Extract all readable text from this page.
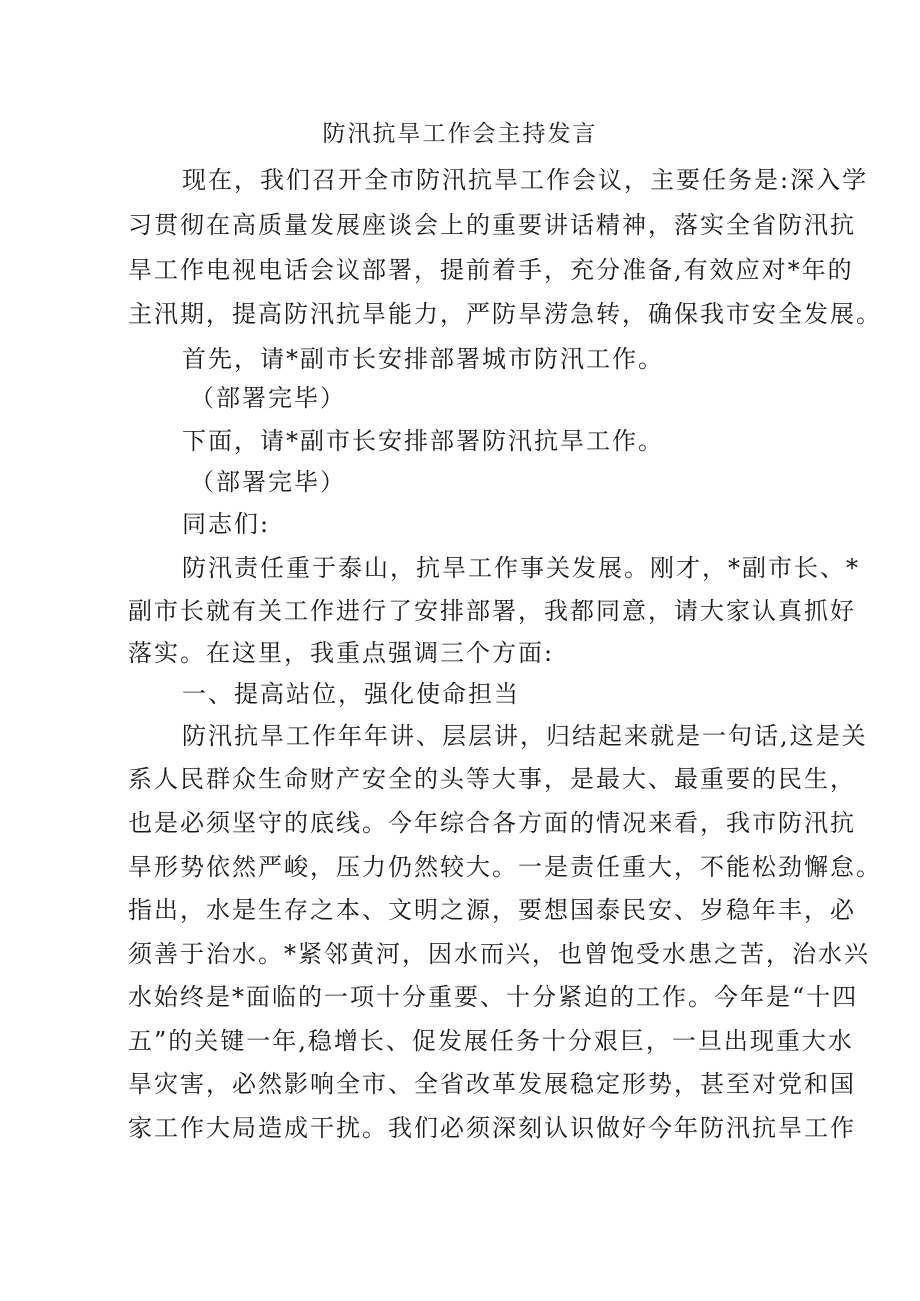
防汛抗旱工作会主持发言
现在，我们召开全市防汛抗旱工作会议，主要任务是:深入学
习贯彻在高质量发展座谈会上的重要讲话精神，落实全省防汛抗
旱工作电视电话会议部署，提前着手，充分准备,有效应对*年的
主汛期，提高防汛抗旱能力，严防旱涝急转，确保我市安全发展。
首先，请*副市长安排部署城市防汛工作。
（部署完毕）
下面，请*副市长安排部署防汛抗旱工作。
（部署完毕）
同志们:
防汛责任重于泰山，抗旱工作事关发展。刚才，*副市长、*
副市长就有关工作进行了安排部署，我都同意，请大家认真抓好
落实。在这里，我重点强调三个方面:
一、提高站位，强化使命担当
防汛抗旱工作年年讲、层层讲，归结起来就是一句话,这是关
系人民群众生命财产安全的头等大事，是最大、最重要的民生，
也是必须坚守的底线。今年综合各方面的情况来看，我市防汛抗
旱形势依然严峻，压力仍然较大。一是责任重大，不能松劲懈怠。
指出，水是生存之本、文明之源，要想国泰民安、岁稳年丰，必
须善于治水。*紧邻黄河，因水而兴，也曾饱受水患之苦，治水兴
水始终是*面临的一项十分重要、十分紧迫的工作。今年是“十四
五”的关键一年,稳增长、促发展任务十分艰巨，一旦出现重大水
旱灾害，必然影响全市、全省改革发展稳定形势，甚至对党和国
家工作大局造成干扰。我们必须深刻认识做好今年防汛抗旱工作
